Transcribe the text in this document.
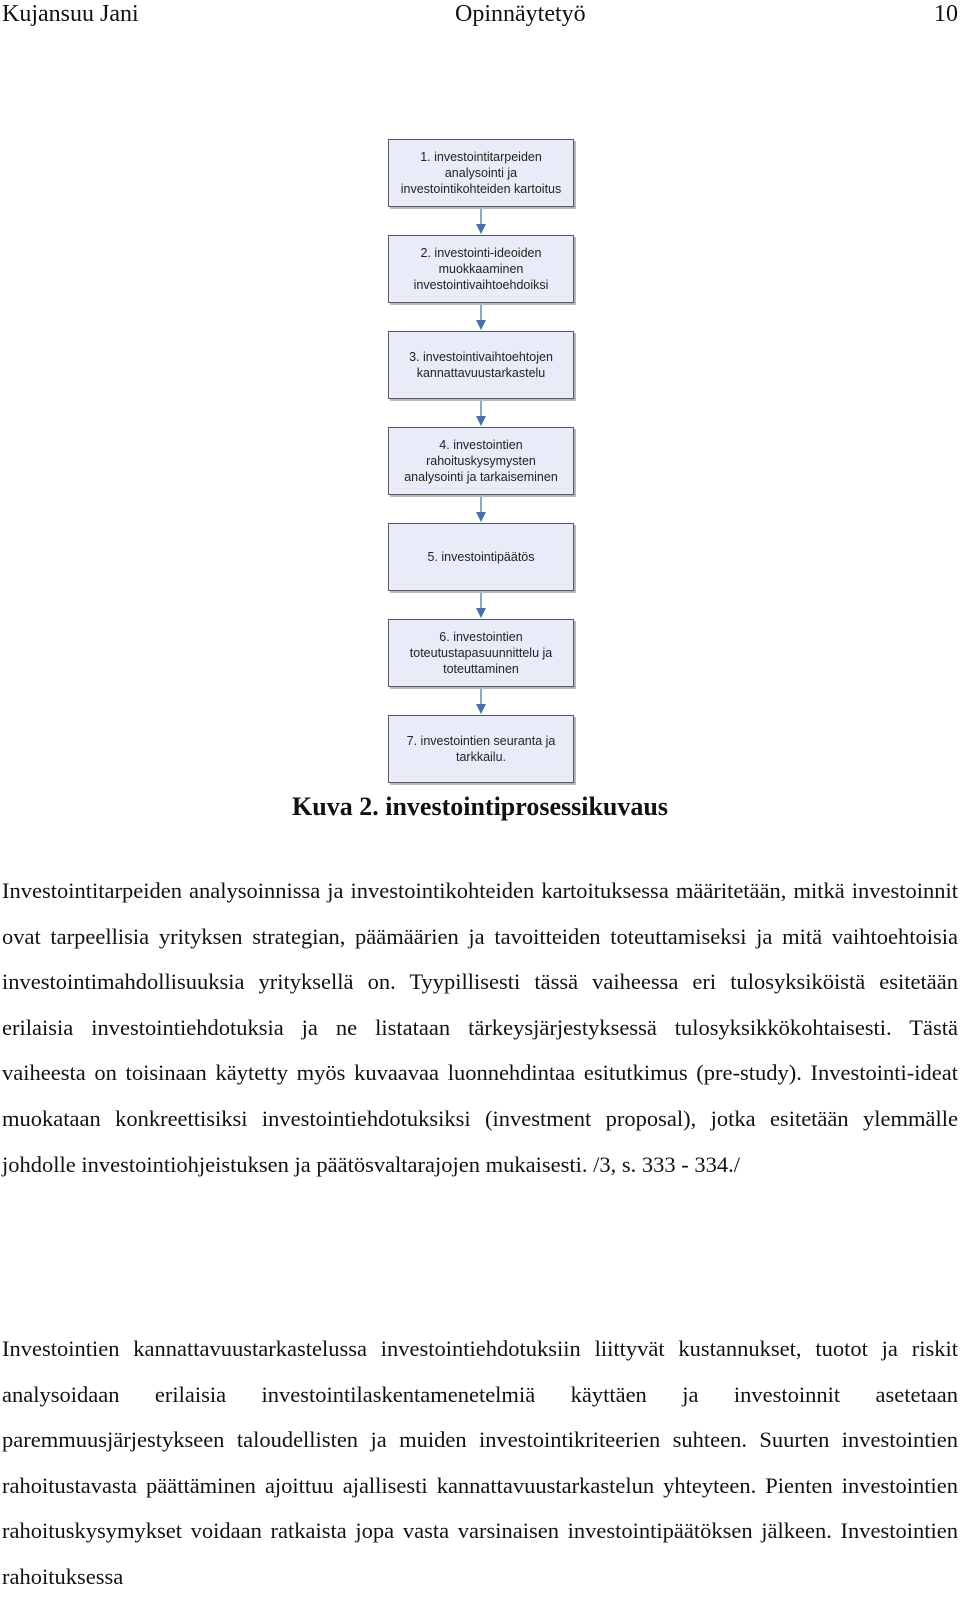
Kujansuu Jani	Opinnäytetyö	10
1. investointitarpeiden
analysointi ja
investointikohteiden kartoitus
2. investointi-ideoiden
muokkaaminen
investointivaihtoehdoiksi
3. investointivaihtoehtojen
kannattavuustarkastelu
4. investointien
rahoituskysymysten
analysointi ja tarkaiseminen
5. investointipäätös
6. investointien
toteutustapasuunnittelu ja
toteuttaminen
7. investointien seuranta ja
tarkkailu.
Kuva 2. investointiprosessikuvaus

Investointitarpeiden analysoinnissa ja investointikohteiden kartoituksessa määritetään, mitkä investoinnit ovat tarpeellisia yrityksen strategian, päämäärien ja tavoitteiden toteuttamiseksi ja mitä vaihtoehtoisia investointimahdollisuuksia yrityksellä on. Tyypillisesti tässä vaiheessa eri tulosyksiköistä esitetään erilaisia investointiehdotuksia ja ne listataan tärkeysjärjestyksessä tulosyksikkökohtaisesti. Tästä vaiheesta on toisinaan käytetty myös kuvaavaa luonnehdintaa esitutkimus (pre-study). Investointi-ideat muokataan konkreettisiksi investointiehdotuksiksi (investment proposal), jotka esitetään ylemmälle johdolle investointiohjeistuksen ja päätösvaltarajojen mukaisesti. /3, s. 333 - 334./

Investointien kannattavuustarkastelussa investointiehdotuksiin liittyvät kustannukset, tuotot ja riskit analysoidaan erilaisia investointilaskentamenetelmiä käyttäen ja investoinnit asetetaan paremmuusjärjestykseen taloudellisten ja muiden investointikriteerien suhteen. Suurten investointien rahoitustavasta päättäminen ajoittuu ajallisesti kannattavuustarkastelun yhteyteen. Pienten investointien rahoituskysymykset voidaan ratkaista jopa vasta varsinaisen investointipäätöksen jälkeen. Investointien rahoituksessa
